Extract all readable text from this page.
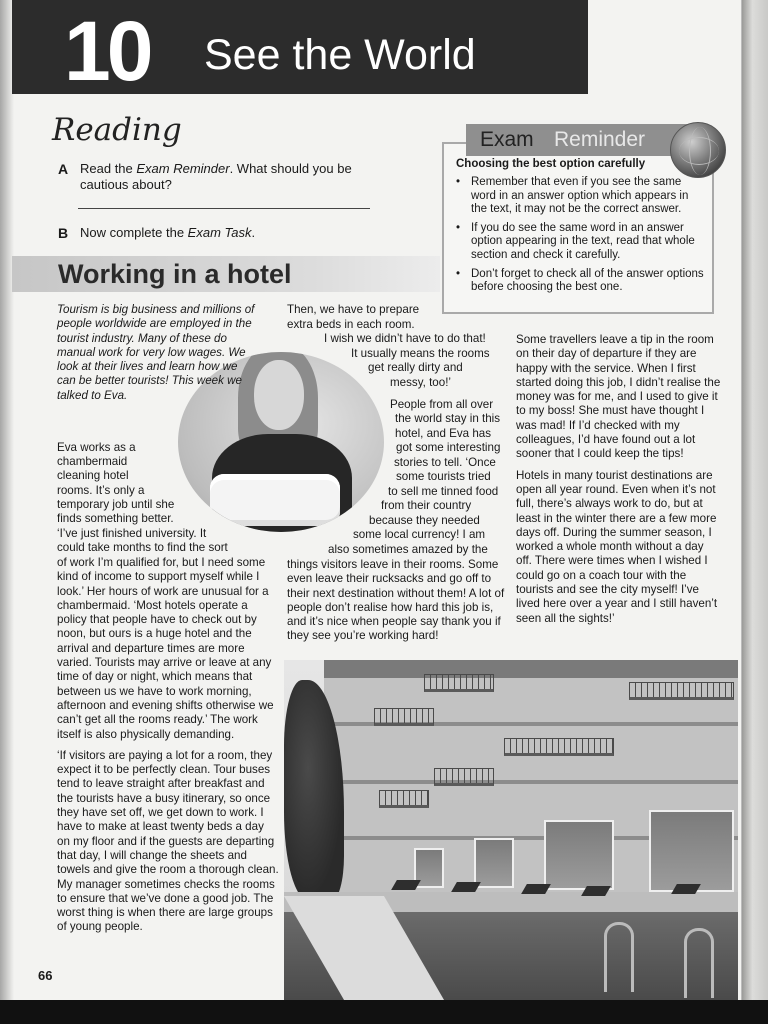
10 See the World
Reading
A Read the Exam Reminder. What should you be cautious about?
B Now complete the Exam Task.
Exam Reminder
Choosing the best option carefully
• Remember that even if you see the same word in an answer option which appears in the text, it may not be the correct answer.
• If you do see the same word in an answer option appearing in the text, read that whole section and check it carefully.
• Don’t forget to check all of the answer options before choosing the best one.
Working in a hotel
Tourism is big business and millions of people worldwide are employed in the tourist industry. Many of these do manual work for very low wages. We look at their lives and learn how we can be better tourists! This week we talked to Eva.
Eva works as a
chambermaid
cleaning hotel
rooms. It’s only a
temporary job until she
finds something better.
‘I’ve just finished university. It
could take months to find the sort

of work I’m qualified for, but I need some kind of income to support myself while I look.’ Her hours of work are unusual for a chambermaid. ‘Most hotels operate a policy that people have to check out by noon, but ours is a huge hotel and the arrival and departure times are more varied. Tourists may arrive or leave at any time of day or night, which means that between us we have to work morning, afternoon and evening shifts otherwise we can’t get all the rooms ready.’ The work itself is also physically demanding.

‘If visitors are paying a lot for a room, they expect it to be perfectly clean. Tour buses tend to leave straight after breakfast and the tourists have a busy itinerary, so once they have set off, we get down to work. I have to make at least twenty beds a day on my floor and if the guests are departing that day, I will change the sheets and towels and give the room a thorough clean. My manager sometimes checks the rooms to ensure that we’ve done a good job. The worst thing is when there are large groups of young people.

Then, we have to prepare
extra beds in each room.
I wish we didn’t have to do that!
It usually means the rooms
get really dirty and
messy, too!’
People from all over
the world stay in this
hotel, and Eva has
got some interesting
stories to tell. ‘Once
some tourists tried
to sell me tinned food
from their country
because they needed
some local currency! I am
also sometimes amazed by the

things visitors leave in their rooms. Some even leave their rucksacks and go off to their next destination without them! A lot of people don’t realise how hard this job is, and it’s nice when people say thank you if they see you’re working hard!

Some travellers leave a tip in the room on their day of departure if they are happy with the service. When I first started doing this job, I didn’t realise the money was for me, and I used to give it to my boss! She must have thought I was mad! If I’d checked with my colleagues, I’d have found out a lot sooner that I could keep the tips!

Hotels in many tourist destinations are open all year round. Even when it’s not full, there’s always work to do, but at least in the winter there are a few more days off. During the summer season, I worked a whole month without a day off. There were times when I wished I could go on a coach tour with the tourists and see the city myself! I’ve lived here over a year and I still haven’t seen all the sights!’

66
